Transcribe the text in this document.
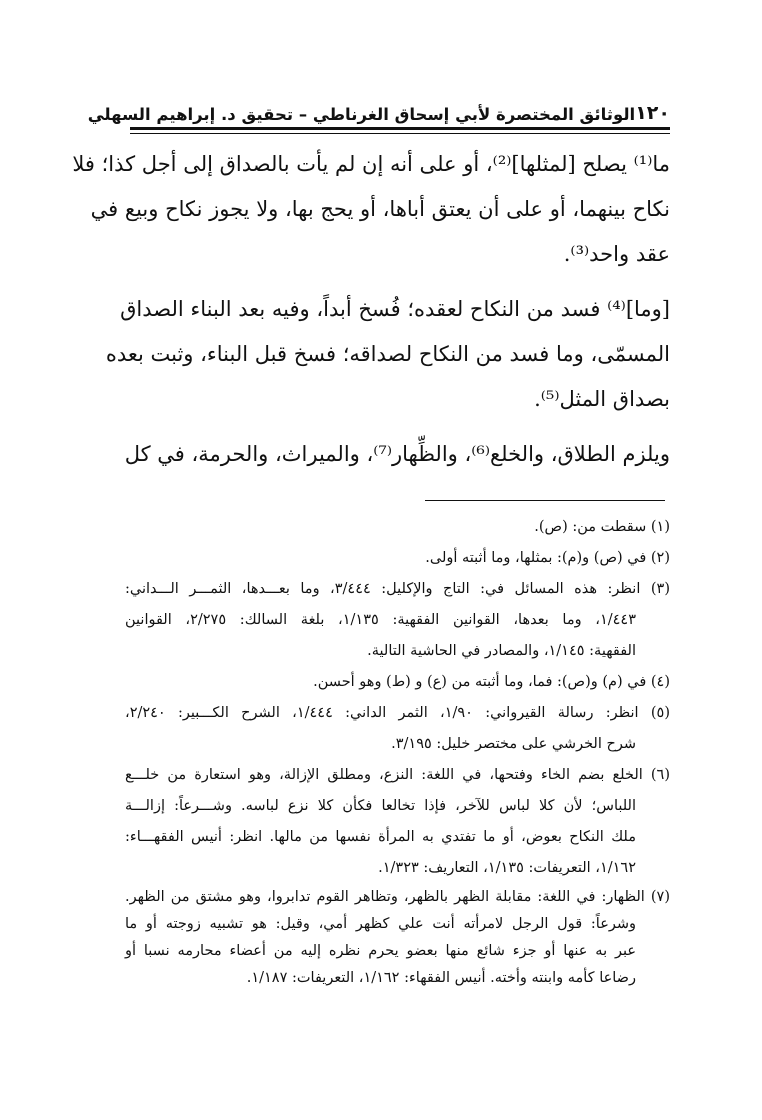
١٢٠
الوثائق المختصرة لأبي إسحاق الغرناطي – تحقيق د. إبراهيم السهلي
ما⁽¹⁾ يصلح [لمثلها]⁽²⁾، أو على أنه إن لم يأت بالصداق إلى أجل كذا؛ فلا
نكاح بينهما، أو على أن يعتق أباها، أو يحج بها، ولا يجوز نكاح وبيع في
عقد واحد⁽³⁾.
[وما]⁽⁴⁾ فسد من النكاح لعقده؛ فُسخ أبداً، وفيه بعد البناء الصداق
المسمّى، وما فسد من النكاح لصداقه؛ فسخ قبل البناء، وثبت بعده
بصداق المثل⁽⁵⁾.
ويلزم الطلاق، والخلع⁽⁶⁾، والظِّهار⁽⁷⁾، والميراث، والحرمة، في كل
(١) سقطت من: (ص).
(٢) في (ص) و(م): بمثلها، وما أثبته أولى.
(٣) انظر: هذه المسائل في: التاج والإكليل: ٣/٤٤٤، وما بعـــدها، الثمـــر الـــداني:
١/٤٤٣، وما بعدها، القوانين الفقهية: ١/١٣٥، بلغة السالك: ٢/٢٧٥، القوانين
الفقهية: ١/١٤٥، والمصادر في الحاشية التالية.
(٤) في (م) و(ص): فما، وما أثبته من (ع) و (ط) وهو أحسن.
(٥) انظر: رسالة القيرواني: ١/٩٠، الثمر الداني: ١/٤٤٤، الشرح الكـــبير: ٢/٢٤٠،
شرح الخرشي على مختصر خليل: ٣/١٩٥.
(٦) الخلع بضم الخاء وفتحها، في اللغة: النزع، ومطلق الإزالة، وهو استعارة من خلـــع
اللباس؛ لأن كلا لباس للآخر، فإذا تخالعا فكأن كلا نزع لباسه. وشـــرعاً: إزالـــة
ملك النكاح بعوض، أو ما تفتدي به المرأة نفسها من مالها. انظر: أنيس الفقهـــاء:
١/١٦٢، التعريفات: ١/١٣٥، التعاريف: ١/٣٢٣.
(٧) الظهار: في اللغة: مقابلة الظهر بالظهر، وتظاهر القوم تدابروا، وهو مشتق من الظهر.
وشرعاً: قول الرجل لامرأته أنت علي كظهر أمي، وقيل: هو تشبيه زوجته أو ما
عبر به عنها أو جزء شائع منها بعضو يحرم نظره إليه من أعضاء محارمه نسبا أو
رضاعا كأمه وابنته وأخته. أنيس الفقهاء: ١/١٦٢، التعريفات: ١/١٨٧.
